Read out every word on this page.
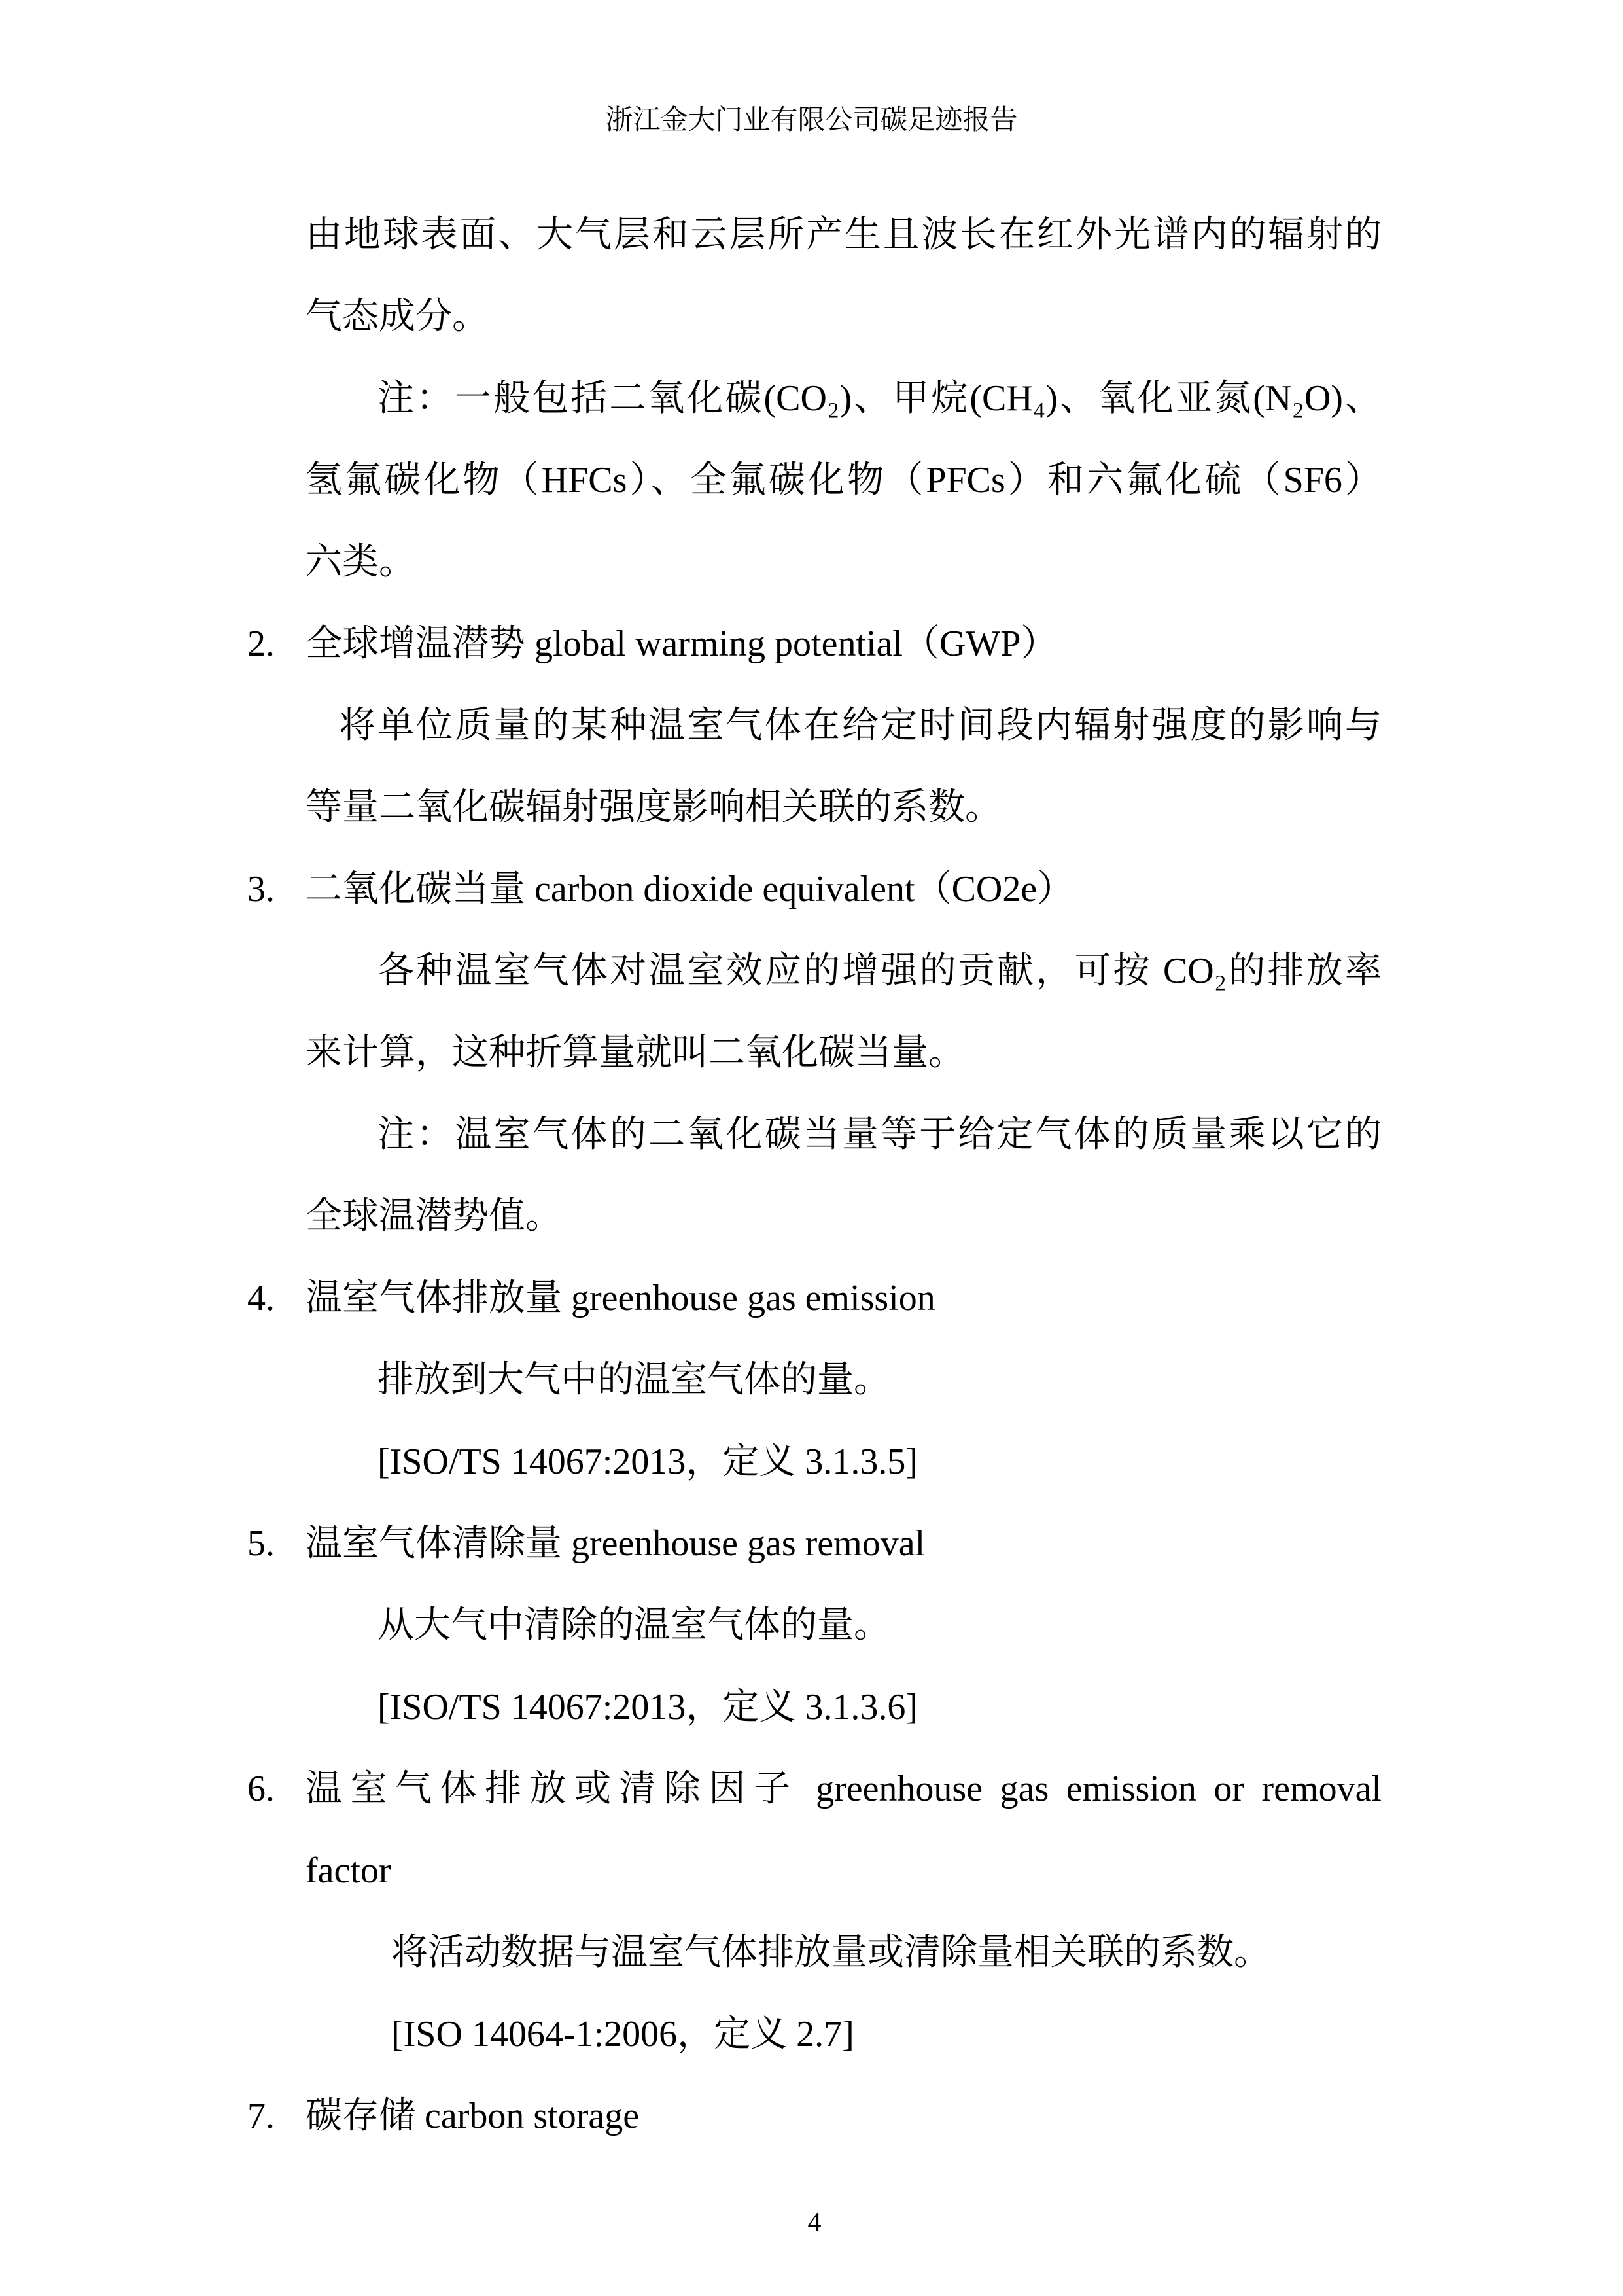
浙江金大门业有限公司碳足迹报告
由地球表面、大气层和云层所产生且波长在红外光谱内的辐射的
气态成分。
注：一般包括二氧化碳(CO₂)、甲烷(CH₄)、氧化亚氮(N₂O)、
氢氟碳化物（HFCs）、全氟碳化物（PFCs）和六氟化硫（SF6）
六类。
2. 全球增温潜势 global warming potential（GWP）
将单位质量的某种温室气体在给定时间段内辐射强度的影响与
等量二氧化碳辐射强度影响相关联的系数。
3. 二氧化碳当量 carbon dioxide equivalent（CO2e）
各种温室气体对温室效应的增强的贡献，可按 CO₂的排放率
来计算，这种折算量就叫二氧化碳当量。
注：温室气体的二氧化碳当量等于给定气体的质量乘以它的
全球温潜势值。
4. 温室气体排放量 greenhouse gas emission
排放到大气中的温室气体的量。
[ISO/TS 14067:2013，定义 3.1.3.5]
5. 温室气体清除量 greenhouse gas removal
从大气中清除的温室气体的量。
[ISO/TS 14067:2013，定义 3.1.3.6]
6. 温室气体排放或清除因子 greenhouse gas emission or removal
factor
将活动数据与温室气体排放量或清除量相关联的系数。
[ISO 14064-1:2006，定义 2.7]
7. 碳存储 carbon storage
4
